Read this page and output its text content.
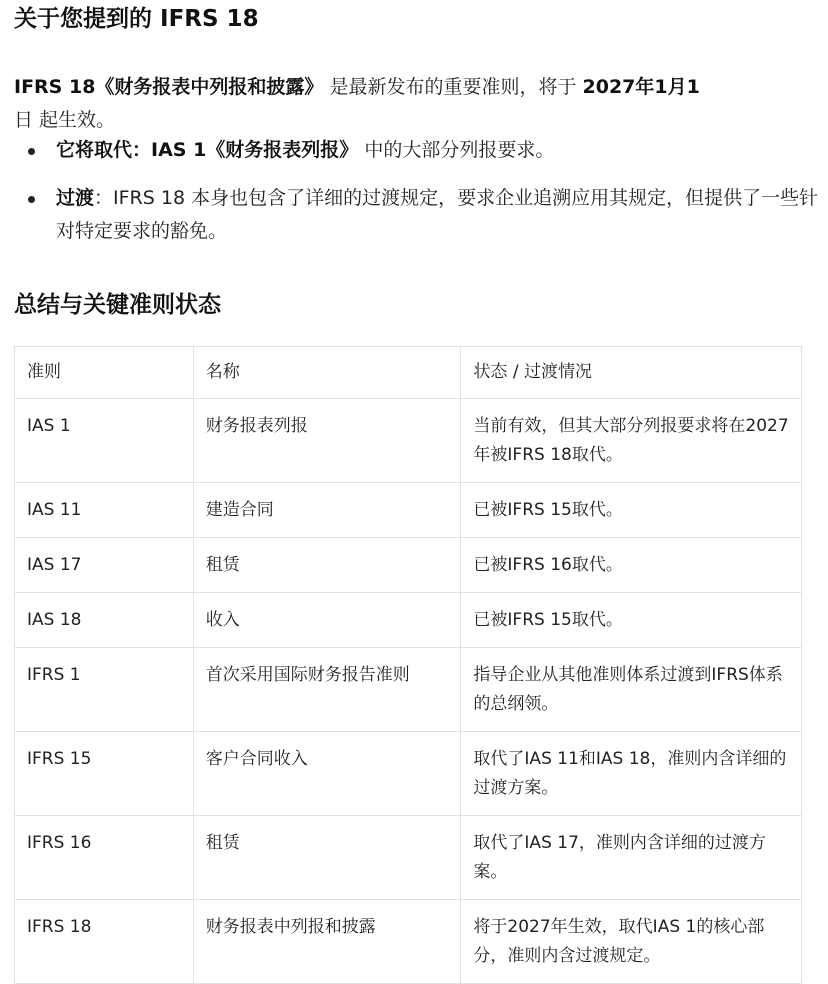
关于您提到的 IFRS 18

IFRS 18《财务报表中列报和披露》 是最新发布的重要准则，将于 2027年1月1
日 起生效。

它将取代：IAS 1《财务报表列报》 中的大部分列报要求。
过渡：IFRS 18 本身也包含了详细的过渡规定，要求企业追溯应用其规定，但提供了一些针对特定要求的豁免。
总结与关键准则状态
准则	名称	状态 / 过渡情况
IAS 1	财务报表列报	当前有效，但其大部分列报要求将在2027年被IFRS 18取代。
IAS 11	建造合同	已被IFRS 15取代。
IAS 17	租赁	已被IFRS 16取代。
IAS 18	收入	已被IFRS 15取代。
IFRS 1	首次采用国际财务报告准则	指导企业从其他准则体系过渡到IFRS体系的总纲领。
IFRS 15	客户合同收入	取代了IAS 11和IAS 18，准则内含详细的过渡方案。
IFRS 16	租赁	取代了IAS 17，准则内含详细的过渡方案。
IFRS 18	财务报表中列报和披露	将于2027年生效，取代IAS 1的核心部分，准则内含过渡规定。
